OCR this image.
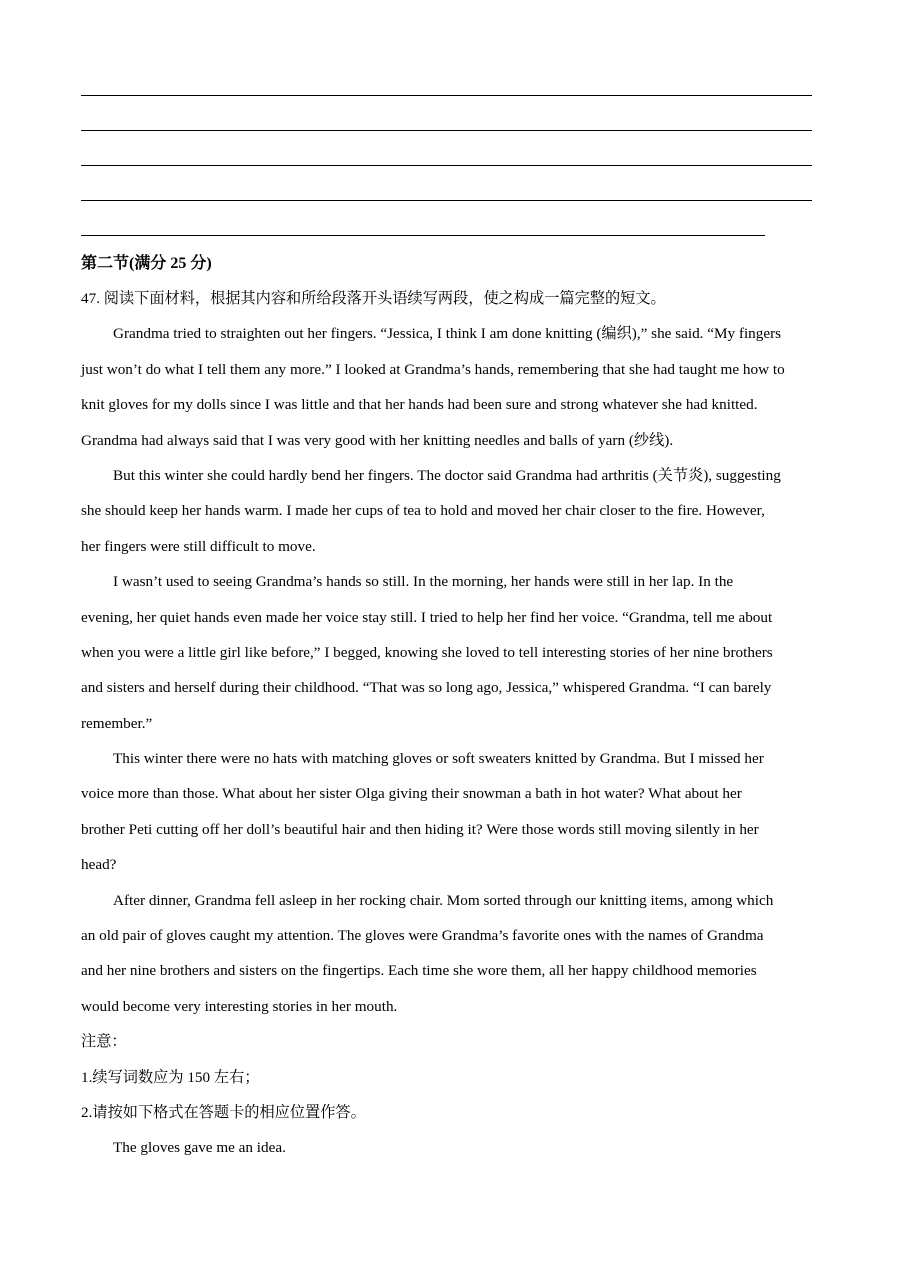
第二节(满分 25 分)
47. 阅读下面材料，根据其内容和所给段落开头语续写两段，使之构成一篇完整的短文。
Grandma tried to straighten out her fingers. “Jessica, I think I am done knitting (编织),” she said. “My fingers
just won’t do what I tell them any more.” I looked at Grandma’s hands, remembering that she had taught me how to
knit gloves for my dolls since I was little and that her hands had been sure and strong whatever she had knitted.
Grandma had always said that I was very good with her knitting needles and balls of yarn (纱线).
But this winter she could hardly bend her fingers. The doctor said Grandma had arthritis (关节炎), suggesting
she should keep her hands warm. I made her cups of tea to hold and moved her chair closer to the fire. However,
her fingers were still difficult to move.
I wasn’t used to seeing Grandma’s hands so still. In the morning, her hands were still in her lap. In the
evening, her quiet hands even made her voice stay still. I tried to help her find her voice. “Grandma, tell me about
when you were a little girl like before,” I begged, knowing she loved to tell interesting stories of her nine brothers
and sisters and herself during their childhood. “That was so long ago, Jessica,” whispered Grandma. “I can barely
remember.”
This winter there were no hats with matching gloves or soft sweaters knitted by Grandma. But I missed her
voice more than those. What about her sister Olga giving their snowman a bath in hot water? What about her
brother Peti cutting off her doll’s beautiful hair and then hiding it? Were those words still moving silently in her
head?
After dinner, Grandma fell asleep in her rocking chair. Mom sorted through our knitting items, among which
an old pair of gloves caught my attention. The gloves were Grandma’s favorite ones with the names of Grandma
and her nine brothers and sisters on the fingertips. Each time she wore them, all her happy childhood memories
would become very interesting stories in her mouth.
注意：
1.续写词数应为 150 左右；
2.请按如下格式在答题卡的相应位置作答。
The gloves gave me an idea.
